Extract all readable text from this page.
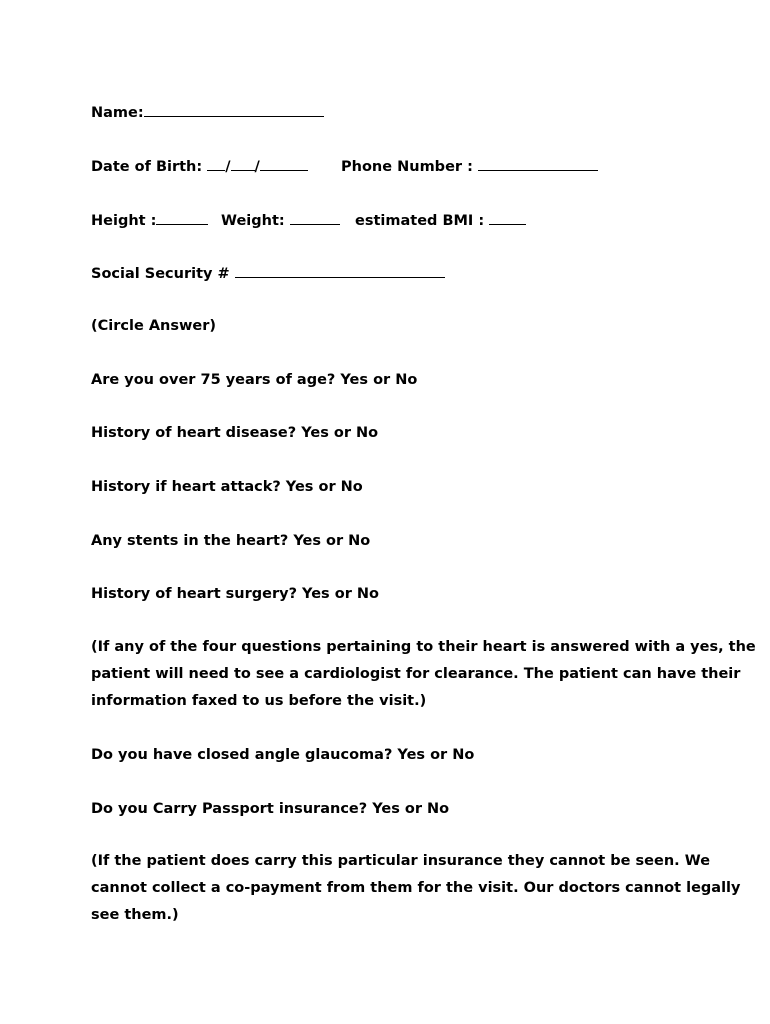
Name:
Date of Birth: / /	Phone Number :
Height :	Weight:	estimated BMI :
Social Security #
(Circle Answer)
Are you over 75 years of age? Yes or No
History of heart disease? Yes or No
History if heart attack? Yes or No
Any stents in the heart? Yes or No
History of heart surgery? Yes or No
(If any of the four questions pertaining to their heart is answered with a yes, the
patient will need to see a cardiologist for clearance. The patient can have their
information faxed to us before the visit.)
Do you have closed angle glaucoma? Yes or No
Do you Carry Passport insurance? Yes or No
(If the patient does carry this particular insurance they cannot be seen. We
cannot collect a co-payment from them for the visit. Our doctors cannot legally
see them.)
